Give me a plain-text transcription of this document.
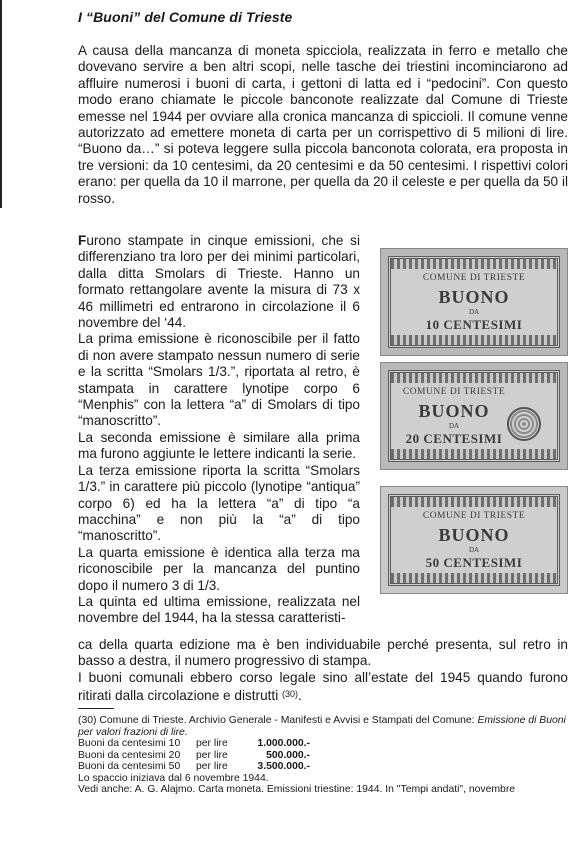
I “Buoni” del Comune di Trieste

A causa della mancanza di moneta spicciola, realizzata in ferro e metallo che dovevano servire a ben altri scopi, nelle tasche dei triestini incominciarono ad affluire numerosi i buoni di carta, i gettoni di latta ed i “pedocini”. Con questo modo erano chiamate le piccole banconote realizzate dal Comune di Trieste emesse nel 1944 per ovviare alla cronica mancanza di spiccioli. Il comune venne autorizzato ad emettere moneta di carta per un corrispettivo di 5 milioni di lire. “Buono da…” si poteva leggere sulla piccola banconota colorata, era proposta in tre versioni: da 10 centesimi, da 20 centesimi e da 50 centesimi. I rispettivi colori erano: per quella da 10 il marrone, per quella da 20 il celeste e per quella da 50 il rosso.

Furono stampate in cinque emissioni, che si differenziano tra loro per dei minimi particolari, dalla ditta Smolars di Trieste. Hanno un formato rettangolare avente la misura di 73 x 46 millimetri ed entrarono in circolazione il 6 novembre del ‘44.

La prima emissione è riconoscibile per il fatto di non avere stampato nessun numero di serie e la scritta “Smolars 1/3.”, riportata al retro, è stampata in carattere lynotipe corpo 6 “Menphis” con la lettera “a” di Smolars di tipo “manoscritto”.

La seconda emissione è similare alla prima ma furono aggiunte le lettere indicanti la serie.

La terza emissione riporta la scritta “Smolars 1/3.” in carattere più piccolo (lynotipe “antiqua” corpo 6) ed ha la lettera “a” di tipo “a macchina” e non più la “a” di tipo “manoscritto”.

La quarta emissione è identica alla terza ma riconoscibile per la mancanza del puntino dopo il numero 3 di 1/3.

La quinta ed ultima emissione, realizzata nel novembre del 1944, ha la stessa caratteristi-

COMUNE DI TRIESTE
BUONO
DA
10 CENTESIMI
COMUNE DI TRIESTE
BUONO
DA
20 CENTESIMI
COMUNE DI TRIESTE
BUONO
DA
50 CENTESIMI

ca della quarta edizione ma è ben individuabile perché presenta, sul retro in basso a destra, il numero progressivo di stampa.

I buoni comunali ebbero corso legale sino all’estate del 1945 quando furono ritirati dalla circolazione e distrutti $^{(30)}$.

(30) Comune di Trieste. Archivio Generale - Manifesti e Avvisi e Stampati del Comune: Emissione di Buoni per valori frazioni di lire.

Buoni da centesimi 10	per lire	1.000.000.-
Buoni da centesimi 20	per lire	500.000.-
Buoni da centesimi 50	per lire	3.500.000.-

Lo spaccio iniziava dal 6 novembre 1944.

Vedi anche: A. G. Alajmo. Carta moneta. Emissioni triestine: 1944. In "Tempi andati", novembre
